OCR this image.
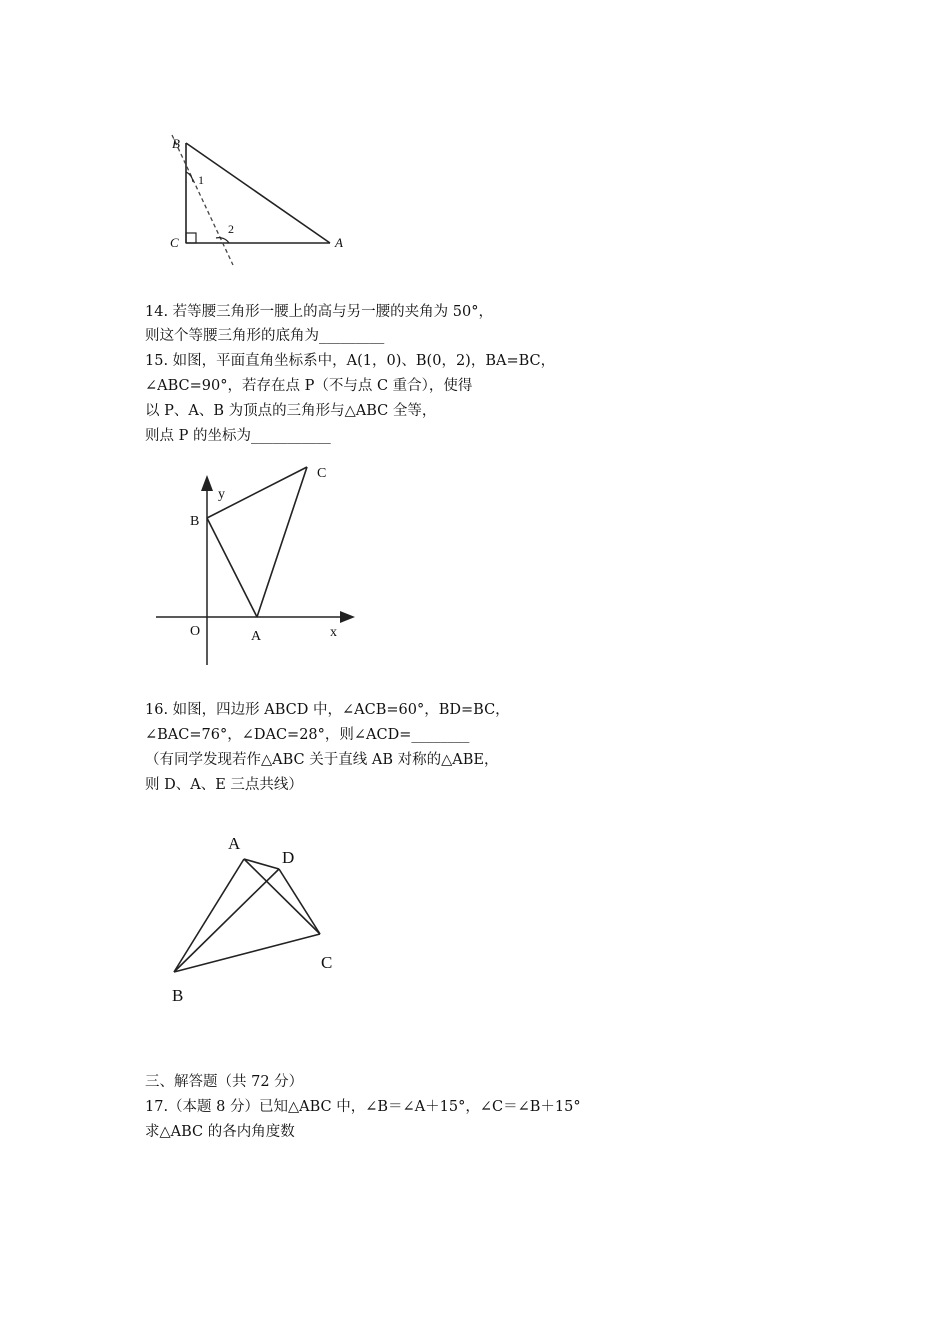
B
C	A
1
2
14. 若等腰三角形一腰上的高与另一腰的夹角为 50°，
则这个等腰三角形的底角为_________
15. 如图，平面直角坐标系中，A(1，0)、B(0，2)，BA=BC，
∠ABC=90°，若存在点 P（不与点 C 重合），使得
以 P、A、B 为顶点的三角形与△ABC 全等，
则点 P 的坐标为___________
C
y
B
O	A	x
16. 如图，四边形 ABCD 中，∠ACB=60°，BD=BC，
∠BAC=76°，∠DAC=28°，则∠ACD=________
（有同学发现若作△ABC 关于直线 AB 对称的△ABE，
则 D、A、E 三点共线）
A
D
C
B
三、解答题（共 72 分）
17.（本题 8 分）已知△ABC 中，∠B＝∠A＋15°，∠C＝∠B＋15°
求△ABC 的各内角度数
